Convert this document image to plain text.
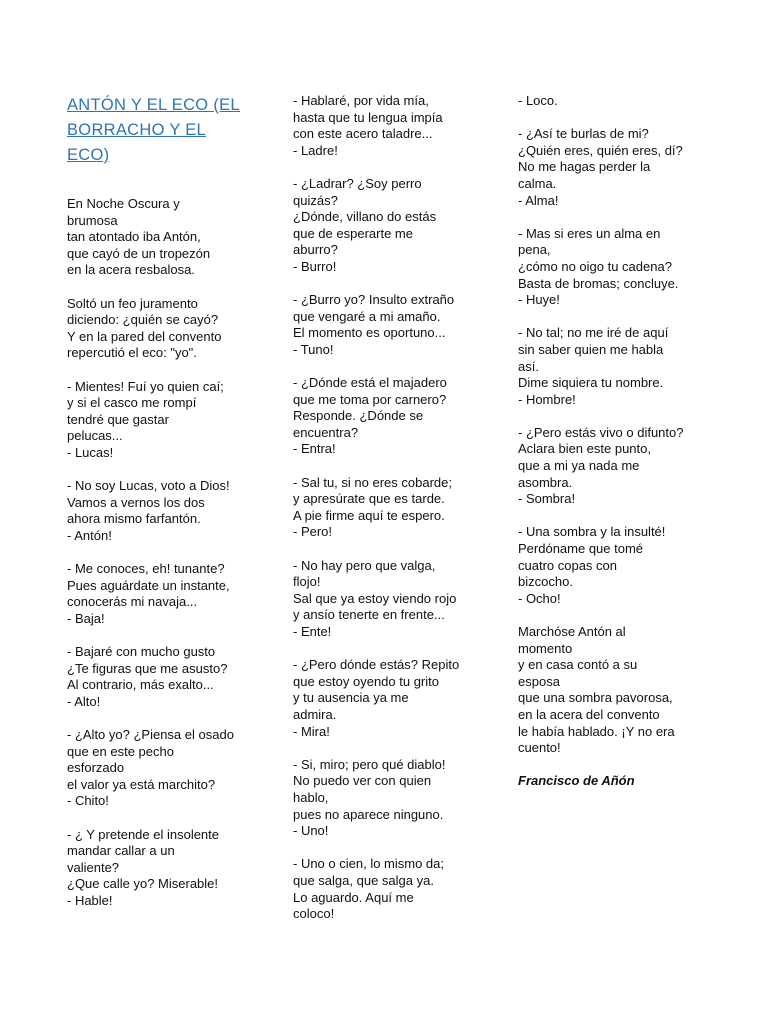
ANTÓN Y EL ECO (EL
BORRACHO Y EL
ECO)
En Noche Oscura y
brumosa
tan atontado iba Antón,
que cayó de un tropezón
en la acera resbalosa.
Soltó un feo juramento
diciendo: ¿quién se cayó?
Y en la pared del convento
repercutió el eco: "yo".
- Mientes! Fuí yo quien caí;
y si el casco me rompí
tendré que gastar
pelucas...
- Lucas!
- No soy Lucas, voto a Dios!
Vamos a vernos los dos
ahora mismo farfantón.
- Antón!
- Me conoces, eh! tunante?
Pues aguárdate un instante,
conocerás mi navaja...
- Baja!
- Bajaré con mucho gusto
¿Te figuras que me asusto?
Al contrario, más exalto...
- Alto!
- ¿Alto yo? ¿Piensa el osado
que en este pecho
esforzado
el valor ya está marchito?
- Chito!
- ¿ Y pretende el insolente
mandar callar a un
valiente?
¿Que calle yo? Miserable!
- Hable!
- Hablaré, por vida mía,
hasta que tu lengua impía
con este acero taladre...
- Ladre!
- ¿Ladrar? ¿Soy perro
quizás?
¿Dónde, villano do estás
que de esperarte me
aburro?
- Burro!
- ¿Burro yo? Insulto extraño
que vengaré a mi amaño.
El momento es oportuno...
- Tuno!
- ¿Dónde está el majadero
que me toma por carnero?
Responde. ¿Dónde se
encuentra?
- Entra!
- Sal tu, si no eres cobarde;
y apresúrate que es tarde.
A pie firme aquí te espero.
- Pero!
- No hay pero que valga,
flojo!
Sal que ya estoy viendo rojo
y ansío tenerte en frente...
- Ente!
- ¿Pero dónde estás? Repito
que estoy oyendo tu grito
y tu ausencia ya me
admira.
- Mira!
- Si, miro; pero qué diablo!
No puedo ver con quien
hablo,
pues no aparece ninguno.
- Uno!
- Uno o cien, lo mismo da;
que salga, que salga ya.
Lo aguardo. Aquí me
coloco!
- Loco.
- ¿Así te burlas de mi?
¿Quién eres, quién eres, dí?
No me hagas perder la
calma.
- Alma!
- Mas si eres un alma en
pena,
¿cómo no oigo tu cadena?
Basta de bromas; concluye.
- Huye!
- No tal; no me iré de aquí
sin saber quien me habla
así.
Dime siquiera tu nombre.
- Hombre!
- ¿Pero estás vivo o difunto?
Aclara bien este punto,
que a mi ya nada me
asombra.
- Sombra!
- Una sombra y la insulté!
Perdóname que tomé
cuatro copas con
bizcocho.
- Ocho!
Marchóse Antón al
momento
y en casa contó a su
esposa
que una sombra pavorosa,
en la acera del convento
le había hablado. ¡Y no era
cuento!
Francisco de Añón
